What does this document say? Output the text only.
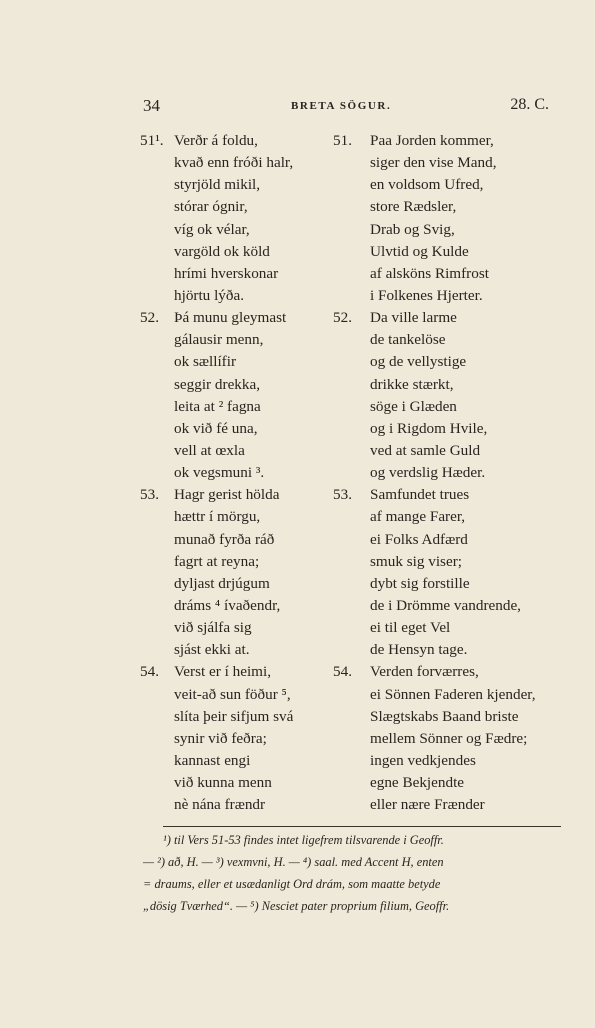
34	BRETA SÖGUR.	28. C.
51¹. Verðr á foldu,
kvað enn fróði halr,
styrjöld mikil,
stórar ógnir,
víg ok vélar,
vargöld ok köld
hrími hverskonar
hjörtu lýða.
52. Þá munu gleymast
gálausir menn,
ok sællífir
seggir drekka,
leita at ² fagna
ok við fé una,
vell at œxla
ok vegsmuni ³.
53. Hagr gerist hölda
hættr í mörgu,
munað fyrða ráð
fagrt at reyna;
dyljast drjúgum
dráms ⁴ ívaðendr,
við sjálfa sig
sjást ekki at.
54. Verst er í heimi,
veit-að sun föður ⁵,
slíta þeir sifjum svá
synir við feðra;
kannast engi
við kunna menn
nè nána frændr
51. Paa Jorden kommer,
siger den vise Mand,
en voldsom Ufred,
store Rædsler,
Drab og Svig,
Ulvtid og Kulde
af alsköns Rimfrost
i Folkenes Hjerter.
52. Da ville larme
de tankelöse
og de vellystige
drikke stærkt,
söge i Glæden
og i Rigdom Hvile,
ved at samle Guld
og verdslig Hæder.
53. Samfundet trues
af mange Farer,
ei Folks Adfærd
smuk sig viser;
dybt sig forstille
de i Drömme vandrende,
ei til eget Vel
de Hensyn tage.
54. Verden forværres,
ei Sönnen Faderen kjender,
Slægtskabs Baand briste
mellem Sönner og Fædre;
ingen vedkjendes
egne Bekjendte
eller nære Frænder
¹) til Vers 51-53 findes intet ligefrem tilsvarende i Geoffr.
— ²) að, H. — ³) vexmvni, H. — ⁴) saal. med Accent H, enten
= draums, eller et usædanligt Ord drám, som maatte betyde
„dösig Tværhed“. — ⁵) Nesciet pater proprium filium, Geoffr.
